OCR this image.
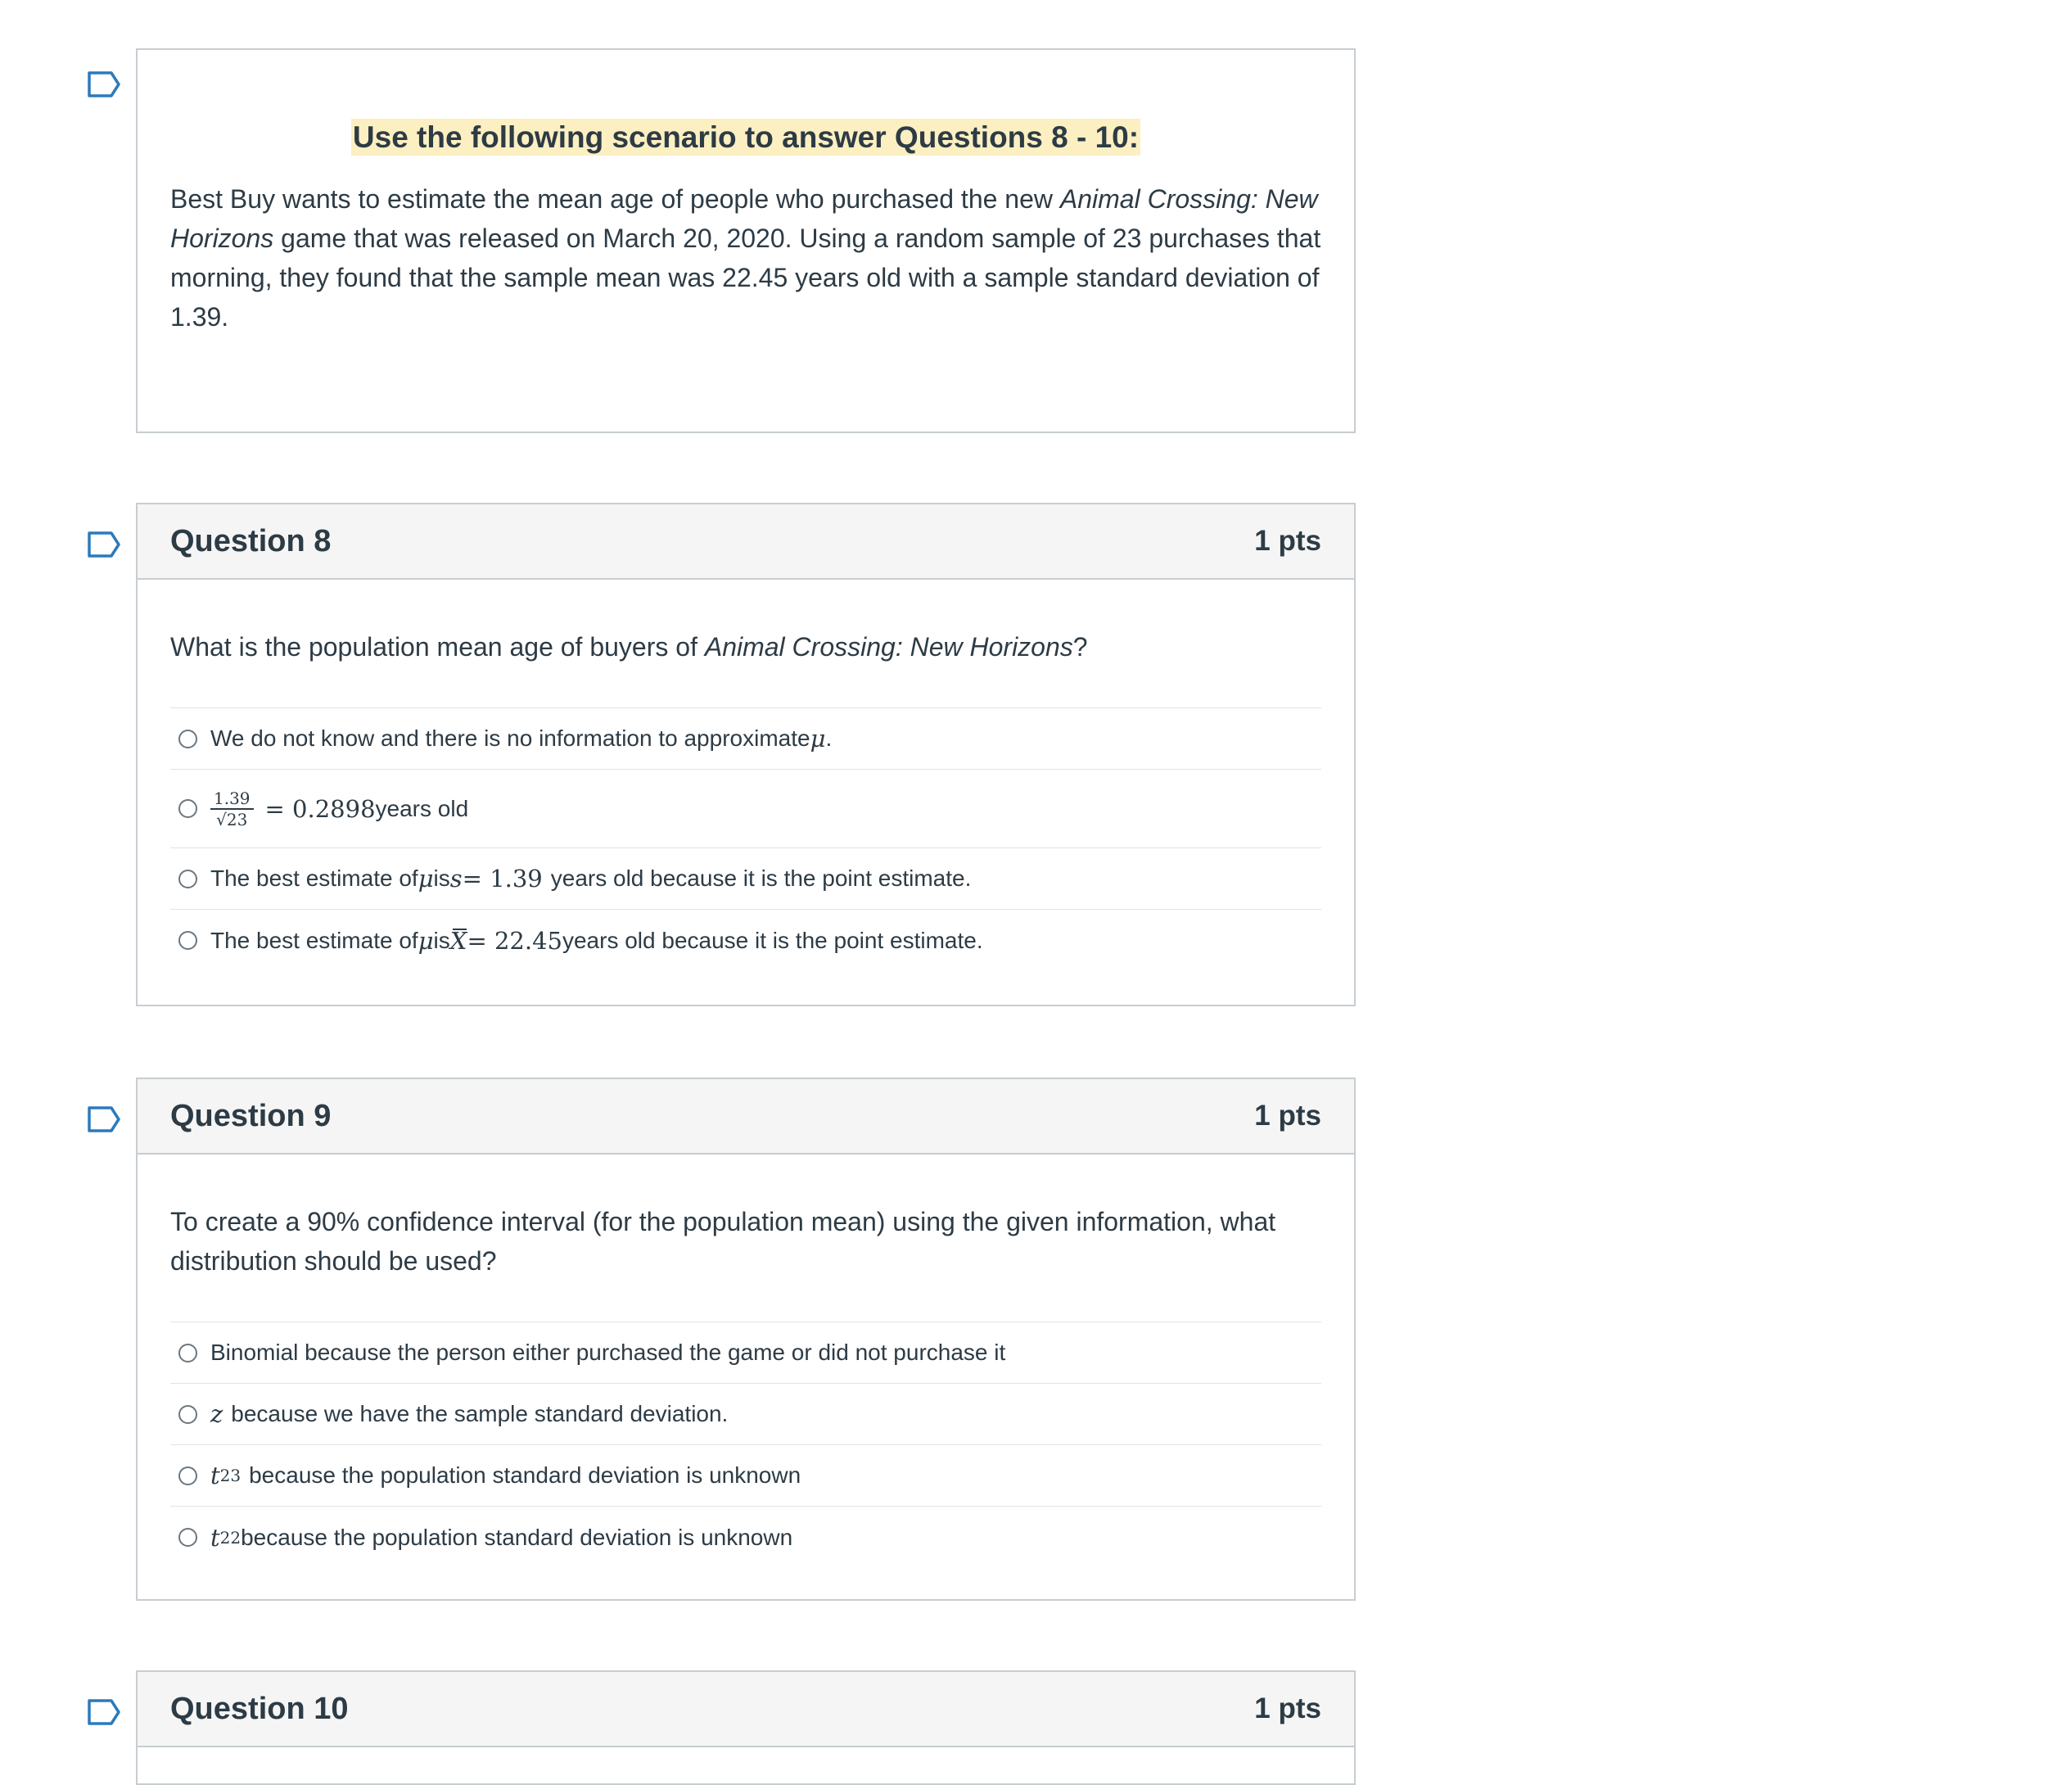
Use the following scenario to answer Questions 8 - 10:

Best Buy wants to estimate the mean age of people who purchased the new Animal Crossing: New Horizons game that was released on March 20, 2020. Using a random sample of 23 purchases that morning, they found that the sample mean was 22.45 years old with a sample standard deviation of 1.39.

Question 8	1 pts

What is the population mean age of buyers of Animal Crossing: New Horizons?

We do not know and there is no information to approximate μ .
$\frac{1.39}{√23} = 0.2898$ years old
The best estimate of μ is s = 1.39 years old because it is the point estimate.
The best estimate of μ is X = 22.45 years old because it is the point estimate.
Question 9	1 pts

To create a 90% confidence interval (for the population mean) using the given information, what distribution should be used?

Binomial because the person either purchased the game or did not purchase it
z because we have the sample standard deviation.
t 23 because the population standard deviation is unknown
t 22 because the population standard deviation is unknown
Question 10	1 pts
